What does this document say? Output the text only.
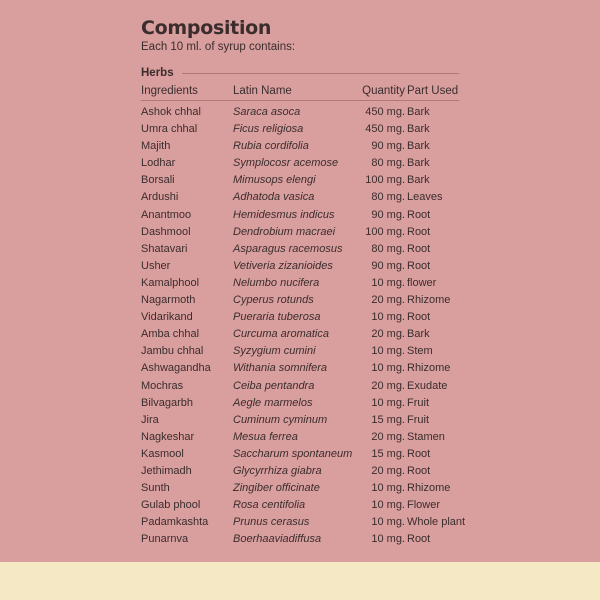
Composition
Each 10 ml. of syrup contains:
Herbs
Ingredients	Latin Name	Quantity Part Used
Ashok chhal	Saraca asoca	450 mg. Bark
Umra chhal	Ficus religiosa	450 mg. Bark
Majith	Rubia cordifolia	90 mg. Bark
Lodhar	Symplocosr acemose	80 mg. Bark
Borsali	Mimusops elengi	100 mg. Bark
Ardushi	Adhatoda vasica	80 mg. Leaves
Anantmoo	Hemidesmus indicus	90 mg. Root
Dashmool	Dendrobium macraei	100 mg. Root
Shatavari	Asparagus racemosus	80 mg. Root
Usher	Vetiveria zizanioides	90 mg. Root
Kamalphool	Nelumbo nucifera	10 mg. flower
Nagarmoth	Cyperus rotunds	20 mg. Rhizome
Vidarikand	Pueraria tuberosa	10 mg. Root
Amba chhal	Curcuma aromatica	20 mg. Bark
Jambu chhal	Syzygium cumini	10 mg. Stem
Ashwagandha	Withania somnifera	10 mg. Rhizome
Mochras	Ceiba pentandra	20 mg. Exudate
Bilvagarbh	Aegle marmelos	10 mg. Fruit
Jira	Cuminum cyminum	15 mg. Fruit
Nagkeshar	Mesua ferrea	20 mg. Stamen
Kasmool	Saccharum spontaneum	15 mg. Root
Jethimadh	Glycyrrhiza giabra	20 mg. Root
Sunth	Zingiber officinate	10 mg. Rhizome
Gulab phool	Rosa centifolia	10 mg. Flower
Padamkashta	Prunus cerasus	10 mg. Whole plant
Punarnva	Boerhaaviadiffusa	10 mg. Root
